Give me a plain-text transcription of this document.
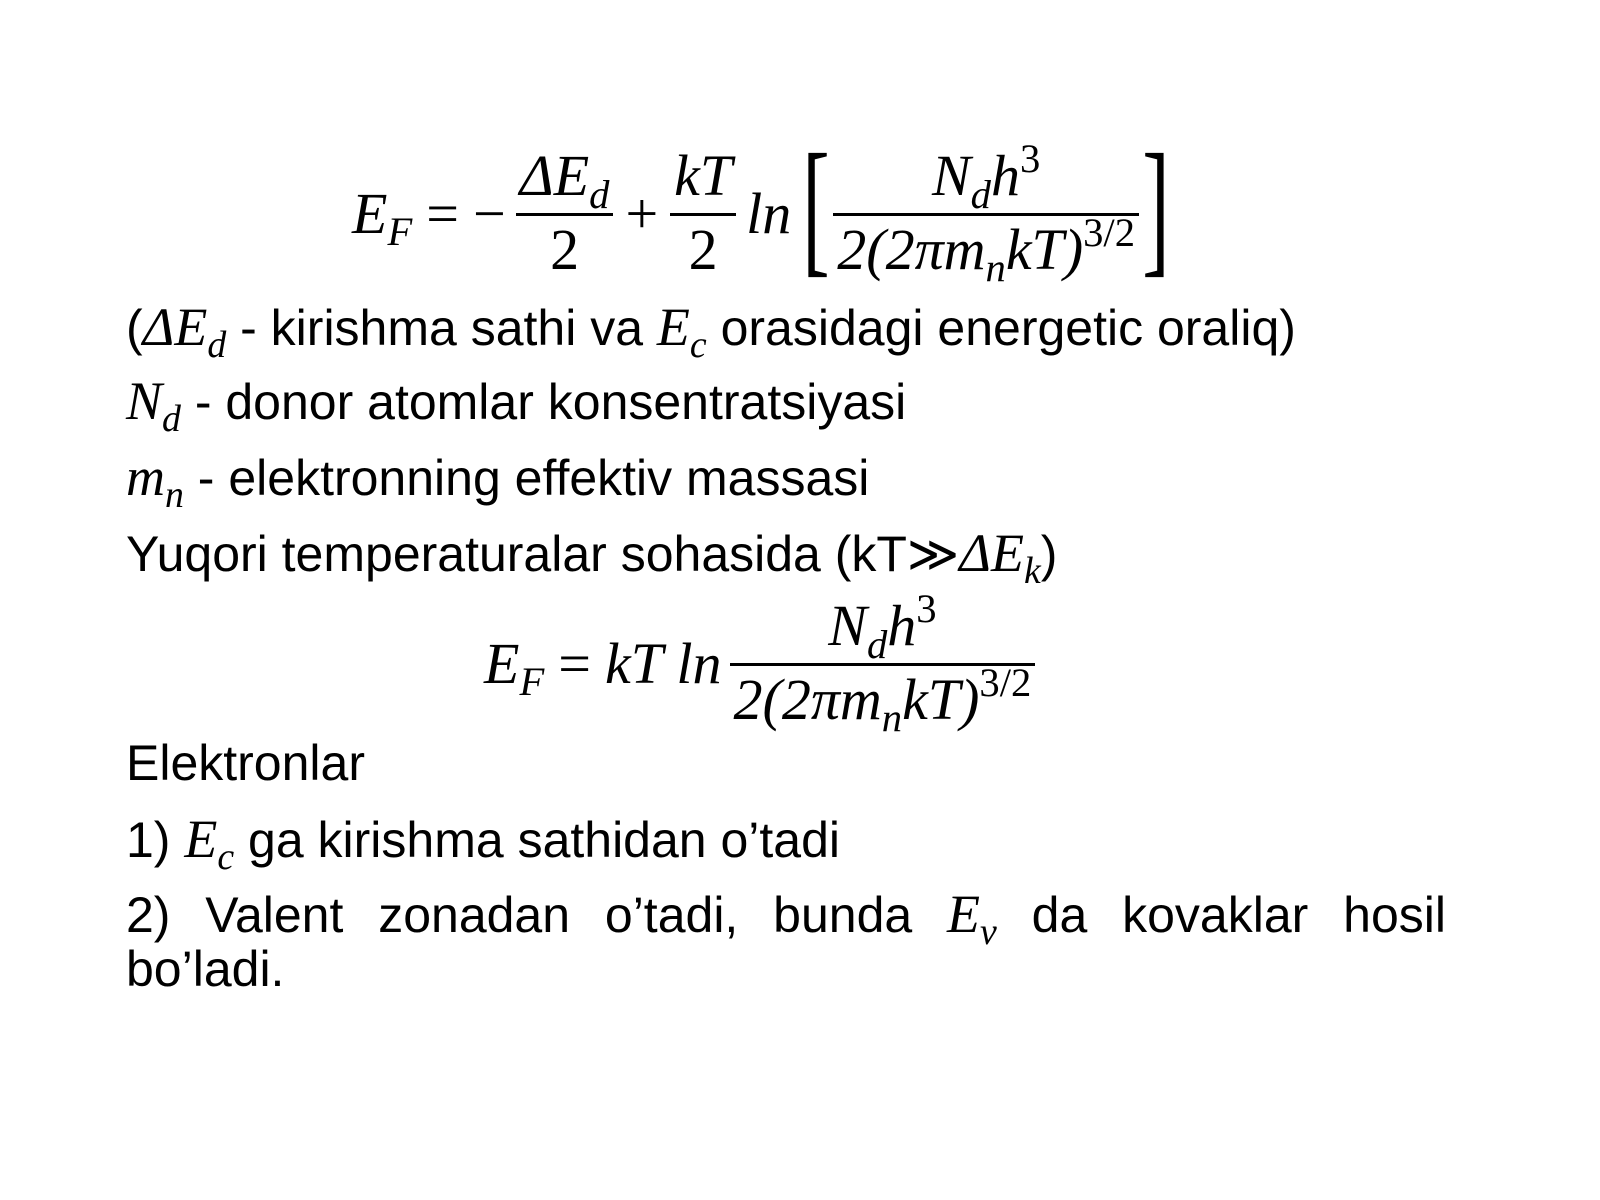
$E_F$ = − $\frac{\Delta E_d}{2} + \frac{kT}{2}$ ln [ $\frac{N_dh^3}{2(2\pi m_nkT)^{3/2}}$ ]
($\Delta E_d$ - kirishma sathi va $E_c$ orasidagi energetic oraliq)
$N_d$ - donor atomlar konsentratsiyasi
$m_n$ - elektronning effektiv massasi
Yuqori temperaturalar sohasida $(kT≫\Delta E_k)$
$E_F$ = kT $\ln \frac{N_dh^3}{2(2\pi m_nkT)^{3/2}}$
Elektronlar
1) $E_c$ ga kirishma sathidan o’tadi
2) Valent zonadan o’tadi, bunda $E_v$ da kovaklar hosil
bo’ladi.
